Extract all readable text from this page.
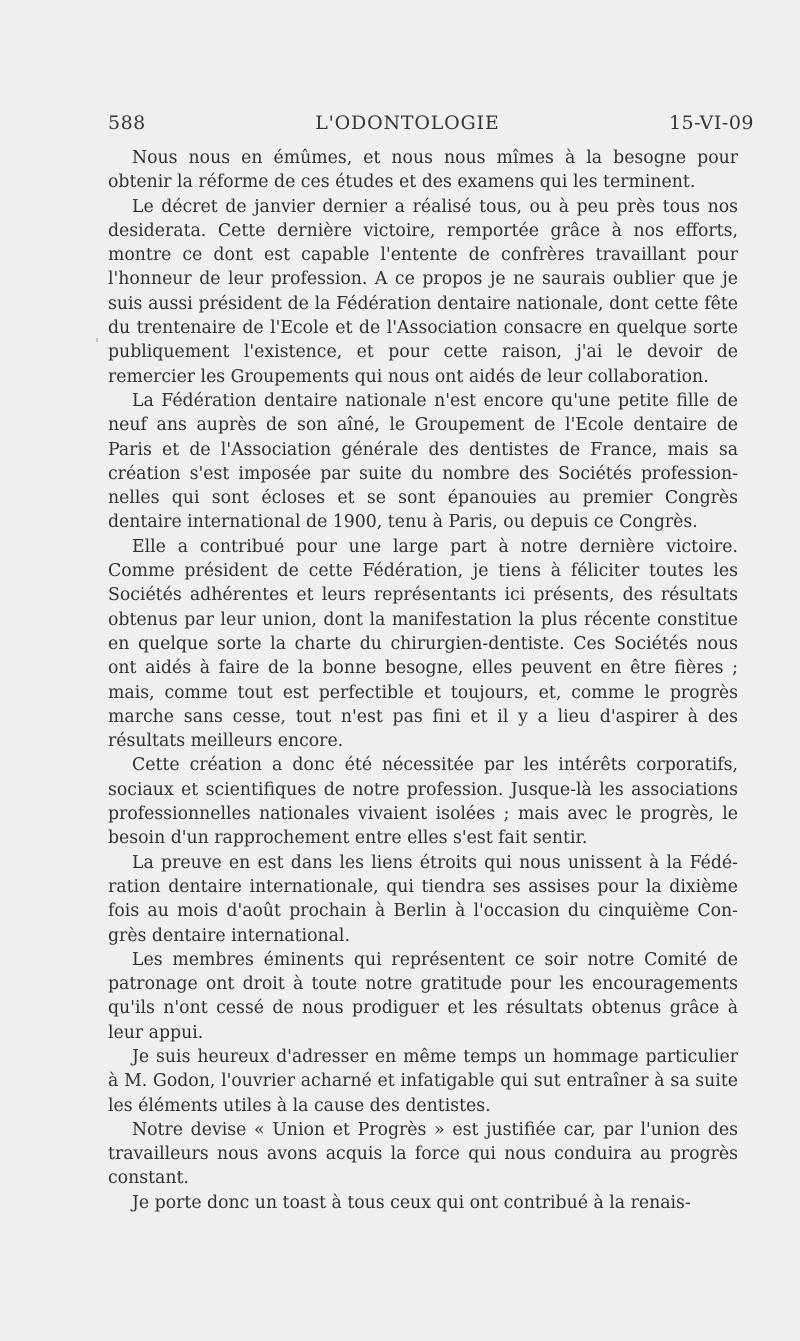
588	L'ODONTOLOGIE	15-VI-09

Nous nous en émûmes, et nous nous mîmes à la besogne pour obtenir la réforme de ces études et des examens qui les terminent.

Le décret de janvier dernier a réalisé tous, ou à peu près tous nos desiderata. Cette dernière victoire, remportée grâce à nos efforts, montre ce dont est capable l'entente de confrères travaillant pour l'honneur de leur profession. A ce propos je ne saurais oublier que je suis aussi président de la Fédération dentaire nationale, dont cette fête du trentenaire de l'Ecole et de l'Association consacre en quelque sorte publiquement l'existence, et pour cette raison, j'ai le devoir de remercier les Groupements qui nous ont aidés de leur collaboration.

La Fédération dentaire nationale n'est encore qu'une petite fille de neuf ans auprès de son aîné, le Groupement de l'Ecole dentaire de Paris et de l'Association générale des dentistes de France, mais sa création s'est imposée par suite du nombre des Sociétés professionnelles qui sont écloses et se sont épanouies au premier Congrès dentaire international de 1900, tenu à Paris, ou depuis ce Congrès.

Elle a contribué pour une large part à notre dernière victoire. Comme président de cette Fédération, je tiens à féliciter toutes les Sociétés adhérentes et leurs représentants ici présents, des résultats obtenus par leur union, dont la manifestation la plus récente constitue en quelque sorte la charte du chirurgien-dentiste. Ces Sociétés nous ont aidés à faire de la bonne besogne, elles peuvent en être fières ; mais, comme tout est perfectible et toujours, et, comme le progrès marche sans cesse, tout n'est pas fini et il y a lieu d'aspirer à des résultats meilleurs encore.

Cette création a donc été nécessitée par les intérêts corporatifs, sociaux et scientifiques de notre profession. Jusque-là les associations professionnelles nationales vivaient isolées ; mais avec le progrès, le besoin d'un rapprochement entre elles s'est fait sentir.

La preuve en est dans les liens étroits qui nous unissent à la Fédération dentaire internationale, qui tiendra ses assises pour la dixième fois au mois d'août prochain à Berlin à l'occasion du cinquième Congrès dentaire international.

Les membres éminents qui représentent ce soir notre Comité de patronage ont droit à toute notre gratitude pour les encouragements qu'ils n'ont cessé de nous prodiguer et les résultats obtenus grâce à leur appui.

Je suis heureux d'adresser en même temps un hommage particulier à M. Godon, l'ouvrier acharné et infatigable qui sut entraîner à sa suite les éléments utiles à la cause des dentistes.

Notre devise « Union et Progrès » est justifiée car, par l'union des travailleurs nous avons acquis la force qui nous conduira au progrès constant.

Je porte donc un toast à tous ceux qui ont contribué à la renais-
